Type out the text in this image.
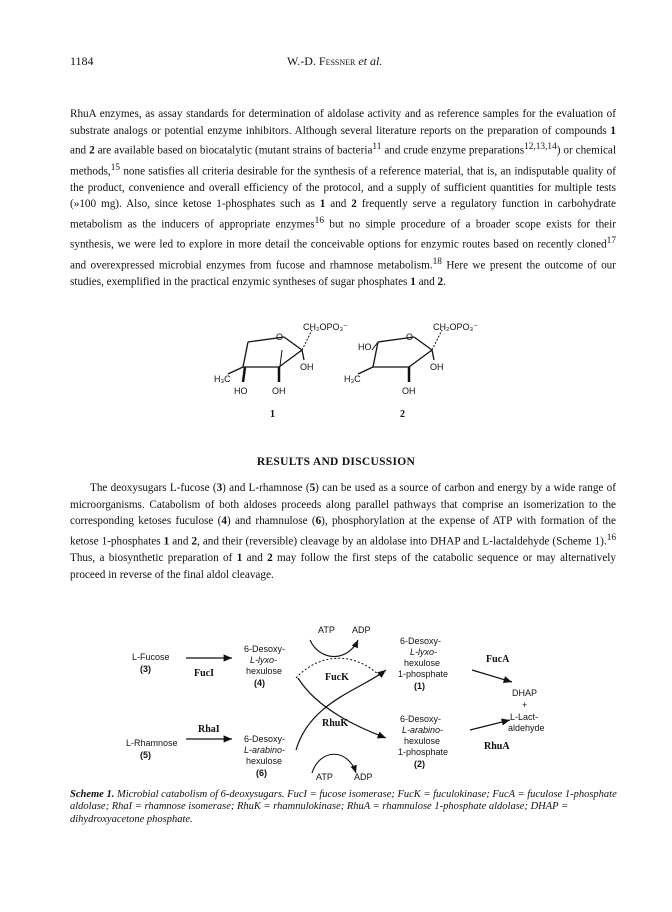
1184	W.-D. Fessner et al.
RhuA enzymes, as assay standards for determination of aldolase activity and as reference samples for the evaluation of substrate analogs or potential enzyme inhibitors. Although several literature reports on the preparation of compounds 1 and 2 are available based on biocatalytic (mutant strains of bacteria$^{11}$ and crude enzyme preparations$^{12,13,14}$) or chemical methods,$^{15}$ none satisfies all criteria desirable for the synthesis of a reference material, that is, an indisputable quality of the product, convenience and overall efficiency of the protocol, and a supply of sufficient quantities for multiple tests (»100 mg). Also, since ketose 1-phosphates such as 1 and 2 frequently serve a regulatory function in carbohydrate metabolism as the inducers of appropriate enzymes$^{16}$ but no simple procedure of a broader scope exists for their synthesis, we were led to explore in more detail the conceivable options for enzymic routes based on recently cloned$^{17}$ and overexpressed microbial enzymes from fucose and rhamnose metabolism.$^{18}$ Here we present the outcome of our studies, exemplified in the practical enzymic syntheses of sugar phosphates 1 and 2.
O
CH₂OPO₃⁻
OH
H₃C
HO	OH
1
O
CH₂OPO₃⁻
HO
OH
H₃C
OH
2
RESULTS AND DISCUSSION
The deoxysugars L-fucose (3) and L-rhamnose (5) can be used as a source of carbon and energy by a wide range of microorganisms. Catabolism of both aldoses proceeds along parallel pathways that comprise an isomerization to the corresponding ketoses fuculose (4) and rhamnulose (6), phosphorylation at the expense of ATP with formation of the ketose 1-phosphates 1 and 2, and their (reversible) cleavage by an aldolase into DHAP and L-lactaldehyde (Scheme 1).$^{16}$ Thus, a biosynthetic preparation of 1 and 2 may follow the first steps of the catabolic sequence or may alternatively proceed in reverse of the final aldol cleavage.
L-Fucose
(3)	FucI
6-Desoxy-
L-lyxo-
hexulose
(4)
ATP ADP
FucK
RhuK
ATP ADP
6-Desoxy-
L-lyxo-
hexulose
1-phosphate
(1)
FucA
DHAP
+
L-Lact-
aldehyde
RhuA
L-Rhamnose
(5)
RhaI
6-Desoxy-
L-arabino-
hexulose
(6)
6-Desoxy-
L-arabino-
hexulose
1-phosphate
(2)
Scheme 1. Microbial catabolism of 6-deoxysugars. FucI = fucose isomerase; FucK = fuculokinase; FucA = fuculose 1-phosphate aldolase; RhaI = rhamnose isomerase; RhuK = rhamnulokinase; RhuA = rhamnulose 1-phosphate aldolase; DHAP = dihydroxyacetone phosphate.
